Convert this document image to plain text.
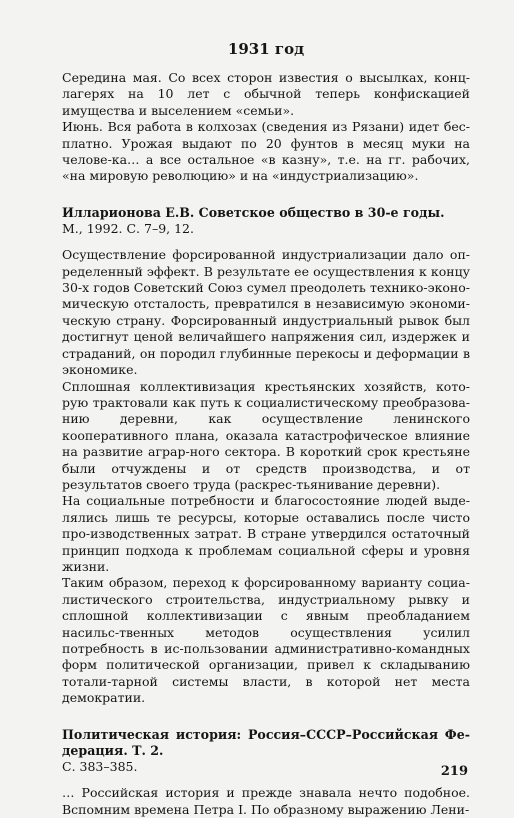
1931 год

Середина мая. Со всех сторон известия о высылках, конц-лагерях на 10 лет с обычной теперь конфискацией имущества и выселением «семьи».

Июнь. Вся работа в колхозах (сведения из Рязани) идет бес-платно. Урожая выдают по 20 фунтов в месяц муки на челове-ка… а все остальное «в казну», т.е. на гг. рабочих, «на мировую революцию» и на «индустриализацию».

Илларионова Е.В. Советское общество в 30-е годы.

М., 1992. С. 7–9, 12.

Осуществление форсированной индустриализации дало оп-ределенный эффект. В результате ее осуществления к концу 30-х годов Советский Союз сумел преодолеть технико-эконо-мическую отсталость, превратился в независимую экономи-ческую страну. Форсированный индустриальный рывок был достигнут ценой величайшего напряжения сил, издержек и страданий, он породил глубинные перекосы и деформации в экономике.

Сплошная коллективизация крестьянских хозяйств, кото-рую трактовали как путь к социалистическому преобразова-нию деревни, как осуществление ленинского кооперативного плана, оказала катастрофическое влияние на развитие аграр-ного сектора. В короткий срок крестьяне были отчуждены и от средств производства, и от результатов своего труда (раскрес-тьянивание деревни).

На социальные потребности и благосостояние людей выде-лялись лишь те ресурсы, которые оставались после чисто про-изводственных затрат. В стране утвердился остаточный принцип подхода к проблемам социальной сферы и уровня жизни.

Таким образом, переход к форсированному варианту социа-листического строительства, индустриальному рывку и сплошной коллективизации с явным преобладанием насильс-твенных методов осуществления усилил потребность в ис-пользовании административно-командных форм политической организации, привел к складыванию тотали-тарной системы власти, в которой нет места демократии.

Политическая история: Россия–СССР–Российская Фе-дерация. Т. 2.

С. 383–385.

… Российская история и прежде знавала нечто подобное. Вспомним времена Петра I. По образному выражению Лени-

219
